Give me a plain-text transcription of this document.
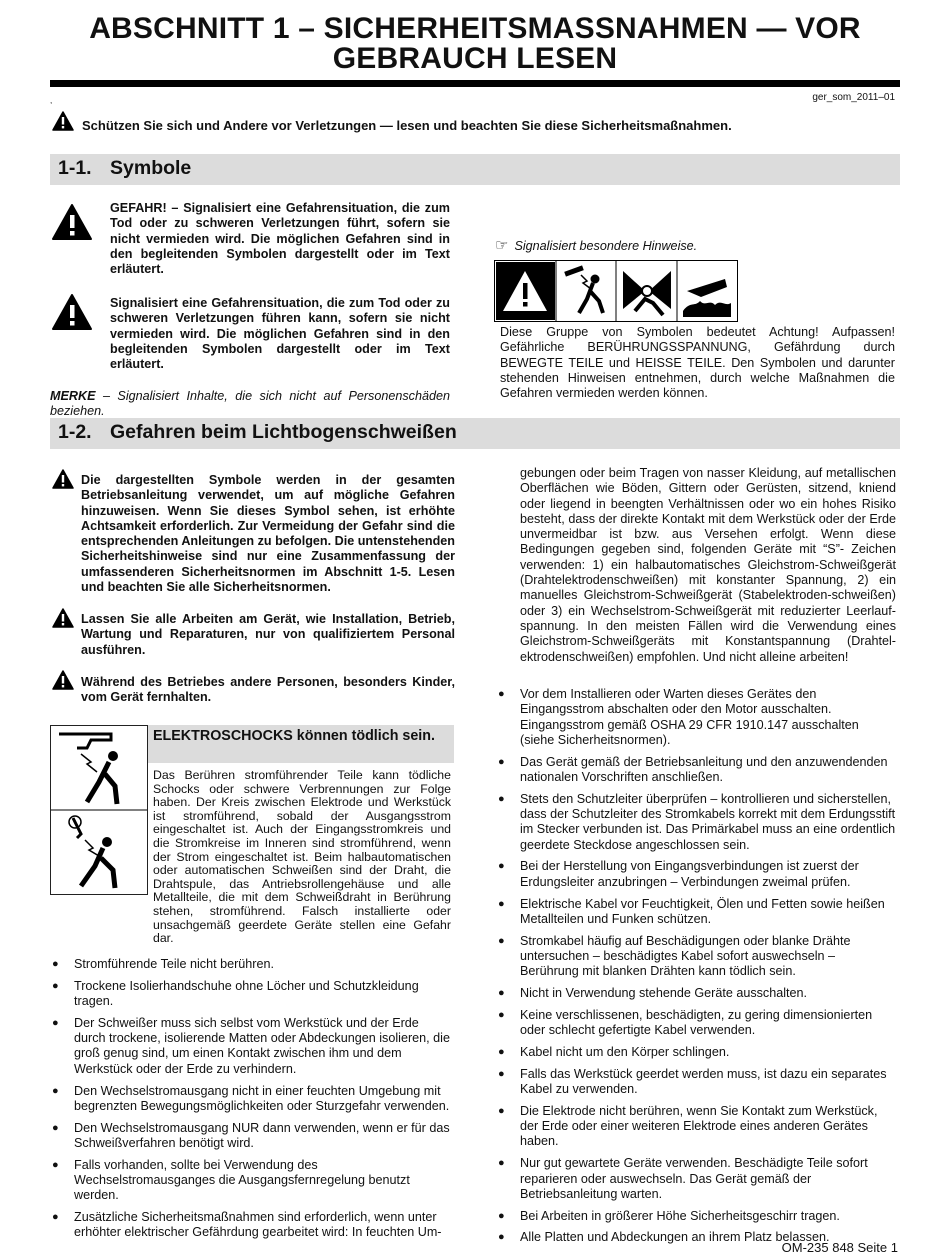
ABSCHNITT 1 – SICHERHEITSMASSNAHMEN — VOR
GEBRAUCH LESEN
,	ger_som_2011–01
Schützen Sie sich und Andere vor Verletzungen — lesen und beachten Sie diese Sicherheitsmaßnahmen.
1-1. Symbole
GEFAHR! – Signalisiert eine Gefahrensituation, die zum Tod oder zu schweren Verletzungen führt, sofern sie nicht vermieden wird. Die möglichen Gefahren sind in den begleitenden Symbolen dargestellt oder im Text erläutert.
Signalisiert eine Gefahrensituation, die zum Tod oder zu schweren Verletzungen führen kann, sofern sie nicht vermieden wird. Die möglichen Gefahren sind in den begleitenden Symbolen dargestellt oder im Text erläutert.
MERKE – Signalisiert Inhalte, die sich nicht auf Personenschäden beziehen.
☞ Signalisiert besondere Hinweise.
Diese Gruppe von Symbolen bedeutet Achtung! Aufpassen! Gefährliche BERÜHRUNGSSPANNUNG, Gefährdung durch BEWEGTE TEILE und HEISSE TEILE. Den Symbolen und darunter stehenden Hinweisen entnehmen, durch welche Maßnahmen die Gefahren vermieden werden können.
1-2. Gefahren beim Lichtbogenschweißen
Die dargestellten Symbole werden in der gesamten Betriebsanleitung verwendet, um auf mögliche Gefahren hinzuweisen. Wenn Sie dieses Symbol sehen, ist erhöhte Achtsamkeit erforderlich. Zur Vermeidung der Gefahr sind die entsprechenden Anleitungen zu befolgen. Die untenstehenden Sicherheitshinweise sind nur eine Zusammenfassung der umfassenderen Sicherheitsnormen im Abschnitt 1-5. Lesen und beachten Sie alle Sicherheitsnormen.
Lassen Sie alle Arbeiten am Gerät, wie Installation, Betrieb, Wartung und Reparaturen, nur von qualifiziertem Personal ausführen.
Während des Betriebes andere Personen, besonders Kinder, vom Gerät fernhalten.
ELEKTROSCHOCKS können tödlich sein.
Das Berühren stromführender Teile kann tödliche Schocks oder schwere Verbrennungen zur Folge haben. Der Kreis zwischen Elektrode und Werkstück ist stromführend, sobald der Ausgangsstrom eingeschaltet ist. Auch der Eingangsstromkreis und die Stromkreise im Inneren sind stromführend, wenn der Strom eingeschaltet ist. Beim halbautomatischen oder automatischen Schweißen sind der Draht, die Drahtspule, das Antriebsrollengehäuse und alle Metallteile, die mit dem Schweißdraht in Berührung stehen, stromführend. Falsch installierte oder unsachgemäß geerdete Geräte stellen eine Gefahr dar.
● Stromführende Teile nicht berühren.
● Trockene Isolierhandschuhe ohne Löcher und Schutzkleidung tragen.
● Der Schweißer muss sich selbst vom Werkstück und der Erde durch trockene, isolierende Matten oder Abdeckungen isolieren, die groß genug sind, um einen Kontakt zwischen ihm und dem Werkstück oder der Erde zu verhindern.
● Den Wechselstromausgang nicht in einer feuchten Umgebung mit begrenzten Bewegungsmöglichkeiten oder Sturzgefahr verwenden.
● Den Wechselstromausgang NUR dann verwenden, wenn er für das Schweißverfahren benötigt wird.
● Falls vorhanden, sollte bei Verwendung des Wechselstromausganges die Ausgangsfernregelung benutzt werden.
● Zusätzliche Sicherheitsmaßnahmen sind erforderlich, wenn unter erhöhter elektrischer Gefährdung gearbeitet wird: In feuchten Um-
gebungen oder beim Tragen von nasser Kleidung, auf metallischen Oberflächen wie Böden, Gittern oder Gerüsten, sitzend, kniend oder liegend in beengten Verhältnissen oder wo ein hohes Risiko besteht, dass der direkte Kontakt mit dem Werkstück oder der Erde unvermeidbar ist bzw. aus Versehen erfolgt. Wenn diese Bedingungen gegeben sind, folgenden Geräte mit “S”- Zeichen verwenden: 1) ein halbautomatisches Gleichstrom-Schweißgerät (Drahtelektrodenschweißen) mit konstanter Spannung, 2) ein manuelles Gleichstrom-Schweißgerät (Stabelektroden-schweißen) oder 3) ein Wechselstrom-Schweißgerät mit reduzierter Leerlauf- spannung. In den meisten Fällen wird die Verwendung eines Gleichstrom-Schweißgeräts mit Konstantspannung (Drahtel- ektrodenschweißen) empfohlen. Und nicht alleine arbeiten!
● Vor dem Installieren oder Warten dieses Gerätes den Eingangsstrom abschalten oder den Motor ausschalten. Eingangsstrom gemäß OSHA 29 CFR 1910.147 ausschalten (siehe Sicherheitsnormen).
● Das Gerät gemäß der Betriebsanleitung und den anzuwendenden nationalen Vorschriften anschließen.
● Stets den Schutzleiter überprüfen – kontrollieren und sicherstellen, dass der Schutzleiter des Stromkabels korrekt mit dem Erdungsstift im Stecker verbunden ist. Das Primärkabel muss an eine ordentlich geerdete Steckdose angeschlossen sein.
● Bei der Herstellung von Eingangsverbindungen ist zuerst der Erdungsleiter anzubringen – Verbindungen zweimal prüfen.
● Elektrische Kabel vor Feuchtigkeit, Ölen und Fetten sowie heißen Metallteilen und Funken schützen.
● Stromkabel häufig auf Beschädigungen oder blanke Drähte untersuchen – beschädigtes Kabel sofort auswechseln – Berührung mit blanken Drähten kann tödlich sein.
● Nicht in Verwendung stehende Geräte ausschalten.
● Keine verschlissenen, beschädigten, zu gering dimensionierten oder schlecht gefertigte Kabel verwenden.
● Kabel nicht um den Körper schlingen.
● Falls das Werkstück geerdet werden muss, ist dazu ein separates Kabel zu verwenden.
● Die Elektrode nicht berühren, wenn Sie Kontakt zum Werkstück, der Erde oder einer weiteren Elektrode eines anderen Gerätes haben.
● Nur gut gewartete Geräte verwenden. Beschädigte Teile sofort reparieren oder auswechseln. Das Gerät gemäß der Betriebsanleitung warten.
● Bei Arbeiten in größerer Höhe Sicherheitsgeschirr tragen.
● Alle Platten und Abdeckungen an ihrem Platz belassen.
OM-235 848 Seite 1
